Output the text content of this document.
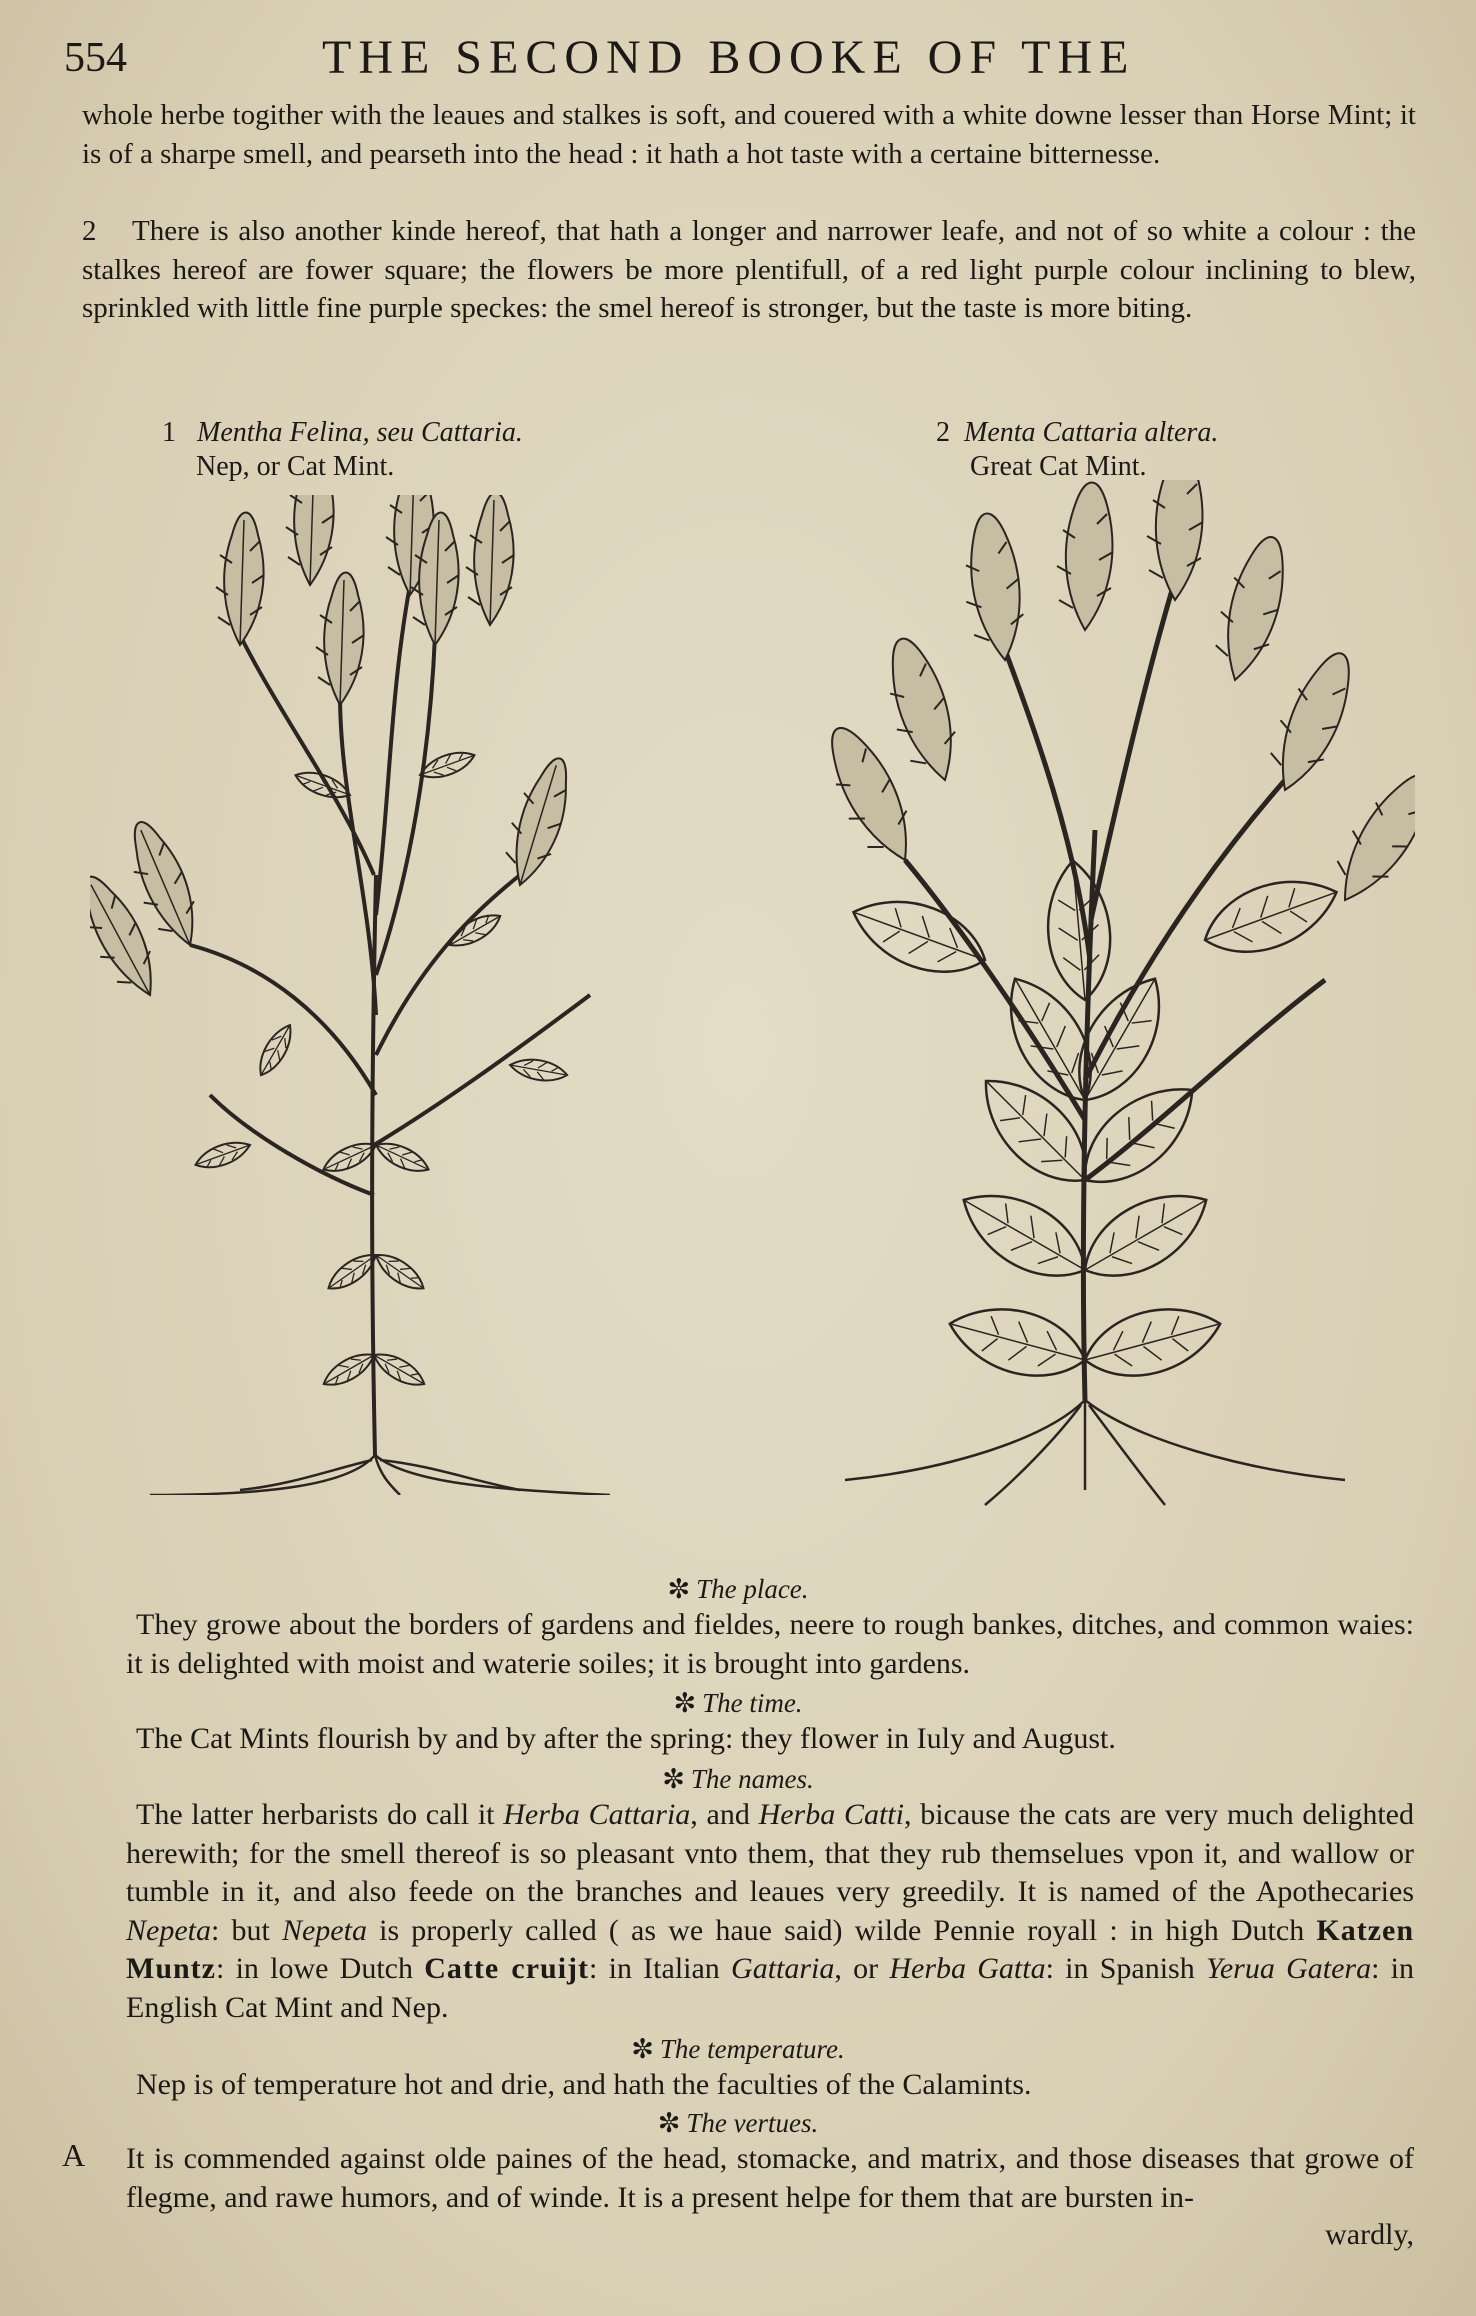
554	THE SECOND BOOKE OF THE

whole herbe togither with the leaues and stalkes is soft, and couered with a white downe lesser than Horse Mint; it is of a sharpe smell, and pearseth into the head : it hath a hot taste with a certaine bitternesse.

2 There is also another kinde hereof, that hath a longer and narrower leafe, and not of so white a colour : the stalkes hereof are fower square; the flowers be more plentifull, of a red light purple colour inclining to blew, sprinkled with little fine purple speckes: the smel hereof is stronger, but the taste is more biting.

1 Mentha Felina, seu Cattaria.
Nep, or Cat Mint.
2 Menta Cattaria altera.
Great Cat Mint.
✼ The place.

They growe about the borders of gardens and fieldes, neere to rough bankes, ditches, and common waies: it is delighted with moist and waterie soiles; it is brought into gardens.

✼ The time.

The Cat Mints flourish by and by after the spring: they flower in Iuly and August.

✼ The names.

The latter herbarists do call it Herba Cattaria, and Herba Catti, bicause the cats are very much delighted herewith; for the smell thereof is so pleasant vnto them, that they rub themselues vpon it, and wallow or tumble in it, and also feede on the branches and leaues very greedily. It is named of the Apothecaries Nepeta: but Nepeta is properly called ( as we haue said) wilde Pennie royall : in high Dutch Katzen Muntz: in lowe Dutch Catte cruijt: in Italian Gattaria, or Herba Gatta: in Spanish Yerua Gatera: in English Cat Mint and Nep.

✼ The temperature.

Nep is of temperature hot and drie, and hath the faculties of the Calamints.

✼ The vertues.
A It is commended against olde paines of the head, stomacke, and matrix, and those diseases that growe of flegme, and rawe humors, and of winde. It is a present helpe for them that are bursten in-

wardly,
